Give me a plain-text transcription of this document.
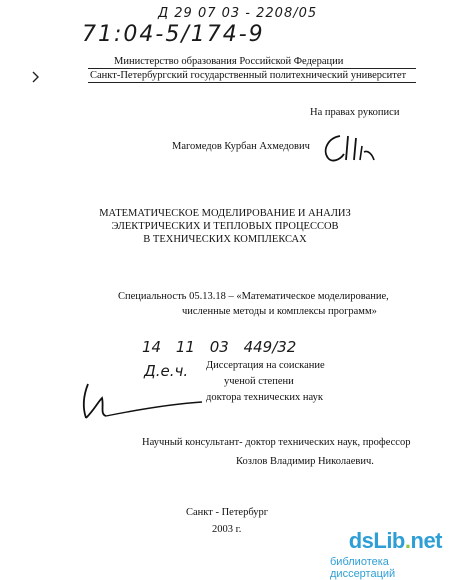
Д 29 07 03 - 2208/05
71:04-5/174-9
Министерство образования Российской Федерации
Санкт-Петербургский государственный политехнический университет
На правах рукописи
Магомедов Курбан Ахмедович
МАТЕМАТИЧЕСКОЕ МОДЕЛИРОВАНИЕ И АНАЛИЗ
ЭЛЕКТРИЧЕСКИХ И ТЕПЛОВЫХ ПРОЦЕССОВ
В ТЕХНИЧЕСКИХ КОМПЛЕКСАХ
Специальность 05.13.18 – «Математическое моделирование,
численные методы и комплексы программ»
14 11 03 449/32
Д.е.ч. Диссертация на соискание
ученой степени
доктора технических наук
Научный консультант- доктор технических наук, профессор
Козлов Владимир Николаевич.
Санкт - Петербург
2003 г.	dsLib.net
библиотека диссертаций
